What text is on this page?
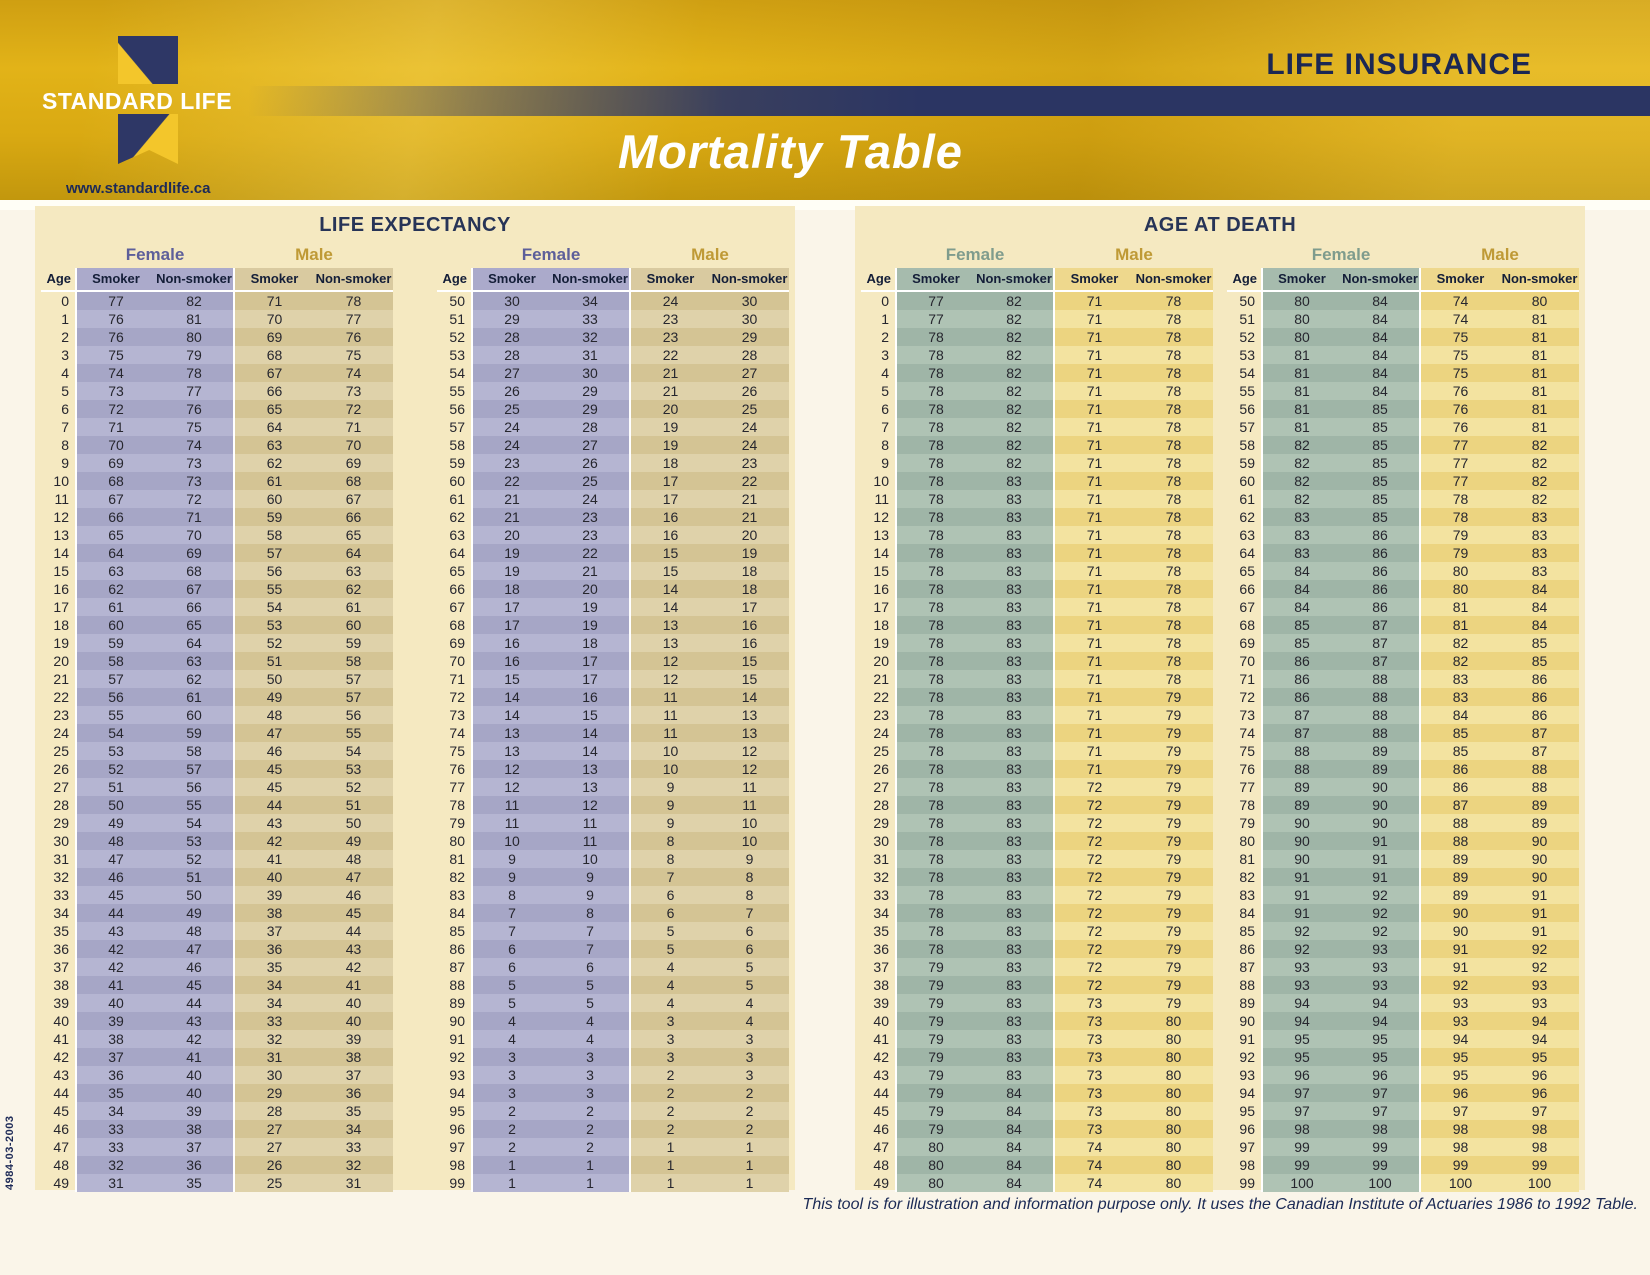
STANDARD LIFE
LIFE INSURANCE
Mortality Table
www.standardlife.ca
LIFE EXPECTANCY
Female	Male
Age	Smoker	Non-smoker	Smoker	Non-smoker
0	77	82	71	78
1	76	81	70	77
2	76	80	69	76
3	75	79	68	75
4	74	78	67	74
5	73	77	66	73
6	72	76	65	72
7	71	75	64	71
8	70	74	63	70
9	69	73	62	69
10	68	73	61	68
11	67	72	60	67
12	66	71	59	66
13	65	70	58	65
14	64	69	57	64
15	63	68	56	63
16	62	67	55	62
17	61	66	54	61
18	60	65	53	60
19	59	64	52	59
20	58	63	51	58
21	57	62	50	57
22	56	61	49	57
23	55	60	48	56
24	54	59	47	55
25	53	58	46	54
26	52	57	45	53
27	51	56	45	52
28	50	55	44	51
29	49	54	43	50
30	48	53	42	49
31	47	52	41	48
32	46	51	40	47
33	45	50	39	46
34	44	49	38	45
35	43	48	37	44
36	42	47	36	43
37	42	46	35	42
38	41	45	34	41
39	40	44	34	40
40	39	43	33	40
41	38	42	32	39
42	37	41	31	38
43	36	40	30	37
44	35	40	29	36
45	34	39	28	35
46	33	38	27	34
47	33	37	27	33
48	32	36	26	32
49	31	35	25	31
Female	Male
Age	Smoker	Non-smoker	Smoker	Non-smoker
50	30	34	24	30
51	29	33	23	30
52	28	32	23	29
53	28	31	22	28
54	27	30	21	27
55	26	29	21	26
56	25	29	20	25
57	24	28	19	24
58	24	27	19	24
59	23	26	18	23
60	22	25	17	22
61	21	24	17	21
62	21	23	16	21
63	20	23	16	20
64	19	22	15	19
65	19	21	15	18
66	18	20	14	18
67	17	19	14	17
68	17	19	13	16
69	16	18	13	16
70	16	17	12	15
71	15	17	12	15
72	14	16	11	14
73	14	15	11	13
74	13	14	11	13
75	13	14	10	12
76	12	13	10	12
77	12	13	9	11
78	11	12	9	11
79	11	11	9	10
80	10	11	8	10
81	9	10	8	9
82	9	9	7	8
83	8	9	6	8
84	7	8	6	7
85	7	7	5	6
86	6	7	5	6
87	6	6	4	5
88	5	5	4	5
89	5	5	4	4
90	4	4	3	4
91	4	4	3	3
92	3	3	3	3
93	3	3	2	3
94	3	3	2	2
95	2	2	2	2
96	2	2	2	2
97	2	2	1	1
98	1	1	1	1
99	1	1	1	1
AGE AT DEATH
Female	Male
Age	Smoker	Non-smoker	Smoker	Non-smoker
0	77	82	71	78
1	77	82	71	78
2	78	82	71	78
3	78	82	71	78
4	78	82	71	78
5	78	82	71	78
6	78	82	71	78
7	78	82	71	78
8	78	82	71	78
9	78	82	71	78
10	78	83	71	78
11	78	83	71	78
12	78	83	71	78
13	78	83	71	78
14	78	83	71	78
15	78	83	71	78
16	78	83	71	78
17	78	83	71	78
18	78	83	71	78
19	78	83	71	78
20	78	83	71	78
21	78	83	71	78
22	78	83	71	79
23	78	83	71	79
24	78	83	71	79
25	78	83	71	79
26	78	83	71	79
27	78	83	72	79
28	78	83	72	79
29	78	83	72	79
30	78	83	72	79
31	78	83	72	79
32	78	83	72	79
33	78	83	72	79
34	78	83	72	79
35	78	83	72	79
36	78	83	72	79
37	79	83	72	79
38	79	83	72	79
39	79	83	73	79
40	79	83	73	80
41	79	83	73	80
42	79	83	73	80
43	79	83	73	80
44	79	84	73	80
45	79	84	73	80
46	79	84	73	80
47	80	84	74	80
48	80	84	74	80
49	80	84	74	80
Female	Male
Age	Smoker	Non-smoker	Smoker	Non-smoker
50	80	84	74	80
51	80	84	74	81
52	80	84	75	81
53	81	84	75	81
54	81	84	75	81
55	81	84	76	81
56	81	85	76	81
57	81	85	76	81
58	82	85	77	82
59	82	85	77	82
60	82	85	77	82
61	82	85	78	82
62	83	85	78	83
63	83	86	79	83
64	83	86	79	83
65	84	86	80	83
66	84	86	80	84
67	84	86	81	84
68	85	87	81	84
69	85	87	82	85
70	86	87	82	85
71	86	88	83	86
72	86	88	83	86
73	87	88	84	86
74	87	88	85	87
75	88	89	85	87
76	88	89	86	88
77	89	90	86	88
78	89	90	87	89
79	90	90	88	89
80	90	91	88	90
81	90	91	89	90
82	91	91	89	90
83	91	92	89	91
84	91	92	90	91
85	92	92	90	91
86	92	93	91	92
87	93	93	91	92
88	93	93	92	93
89	94	94	93	93
90	94	94	93	94
91	95	95	94	94
92	95	95	95	95
93	96	96	95	96
94	97	97	96	96
95	97	97	97	97
96	98	98	98	98
97	99	99	98	98
98	99	99	99	99
99	100	100	100	100
4984-03-2003
This tool is for illustration and information purpose only. It uses the Canadian Institute of Actuaries 1986 to 1992 Table.
